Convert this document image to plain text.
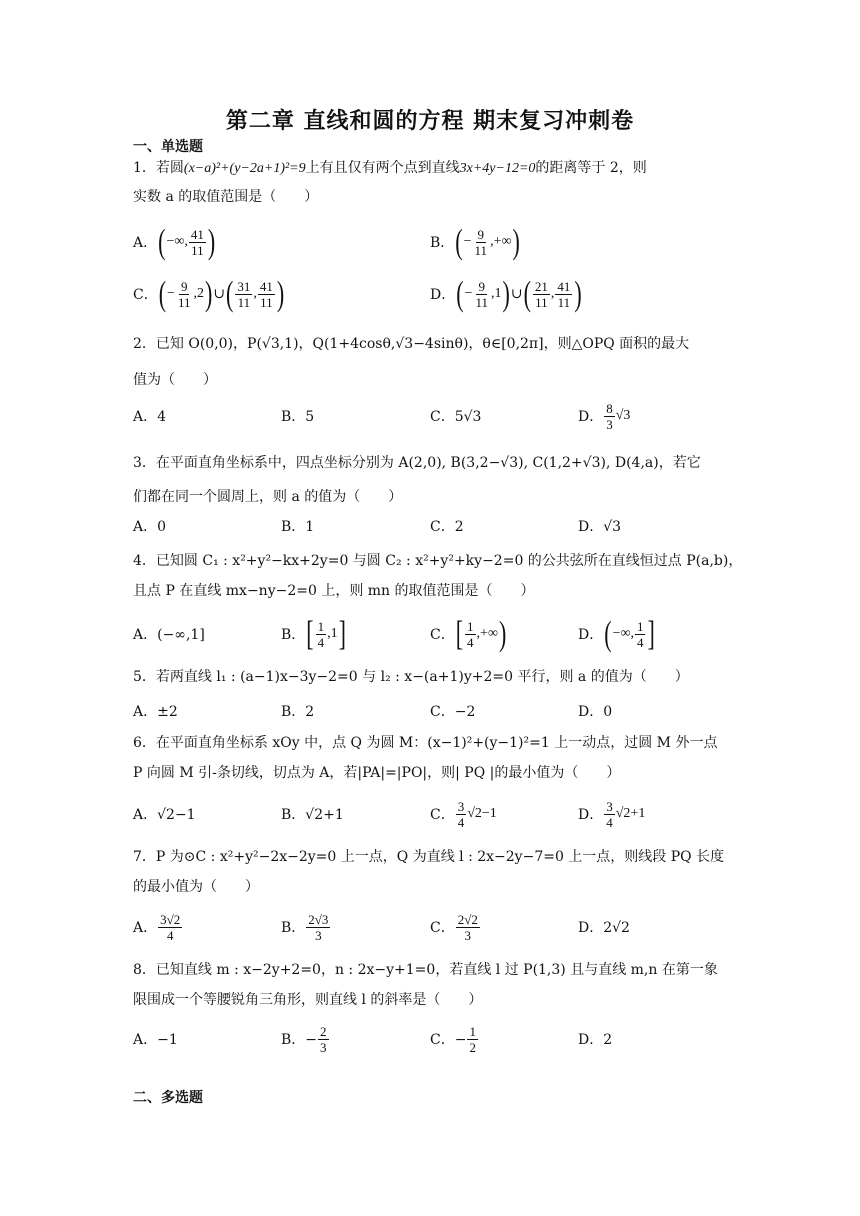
第二章 直线和圆的方程 期末复习冲刺卷
一、单选题
1．若圆(x−a)²+(y−2a+1)²=9上有且仅有两个点到直线3x+4y−12=0的距离等于 2，则
实数 a 的取值范围是（　　）
A． ( −∞, $\frac{41}{11}$ )	B． ( − $\frac{9}{11}$ ,+∞ )
C． ( − $\frac{9}{11} ,2$ ) ∪ ( $\frac{31}{11}$ , $\frac{41}{11}$ )	D． ( − $\frac{9}{11} ,1$ ) ∪ ( $\frac{21}{11}$ , $\frac{41}{11}$ )
2．已知 O(0,0)，P(√3,1)，Q(1+4cosθ,√3−4sinθ)，θ∈[0,2π]，则△OPQ 面积的最大
值为（　　）
A．4	B．5	C．5√3	D． $\frac{8}{3} √3$
3．在平面直角坐标系中，四点坐标分别为 A(2,0), B(3,2−√3), C(1,2+√3), D(4,a)，若它
们都在同一个圆周上，则 a 的值为（　　）
A．0	B．1	C．2	D．√3
4．已知圆 C₁ : x²+y²−kx+2y=0 与圆 C₂ : x²+y²+ky−2=0 的公共弦所在直线恒过点 P(a,b)，
且点 P 在直线 mx−ny−2=0 上，则 mn 的取值范围是（　　）
A．(−∞,1]	B． [ $\frac{1}{4} ,1$ ]	C． [ $\frac{1}{4}$ ,+∞ )	D． ( −∞, $\frac{1}{4}$ ]
5．若两直线 l₁ : (a−1)x−3y−2=0 与 l₂ : x−(a+1)y+2=0 平行，则 a 的值为（　　）
A．±2	B．2	C．−2	D．0
6．在平面直角坐标系 xOy 中，点 Q 为圆 M：(x−1)²+(y−1)²=1 上一动点，过圆 M 外一点
P 向圆 M 引-条切线，切点为 A，若|PA|=|PO|，则| PQ |的最小值为（　　）
A．√2−1	B．√2+1	C． $\frac{3}{4} √2-1$	D． $\frac{3}{4} √2+1$
7．P 为⊙C : x²+y²−2x−2y=0 上一点，Q 为直线 l : 2x−2y−7=0 上一点，则线段 PQ 长度
的最小值为（　　）
A． $\frac{3√2}{4}$	B． $\frac{2√3}{3}$	C． $\frac{2√2}{3}$	D．2√2
8．已知直线 m : x−2y+2=0，n : 2x−y+1=0，若直线 l 过 P(1,3) 且与直线 m,n 在第一象
限围成一个等腰锐角三角形，则直线 l 的斜率是（　　）
A．−1	B．− $\frac{2}{3}$	C．− $\frac{1}{2}$	D．2
二、多选题
